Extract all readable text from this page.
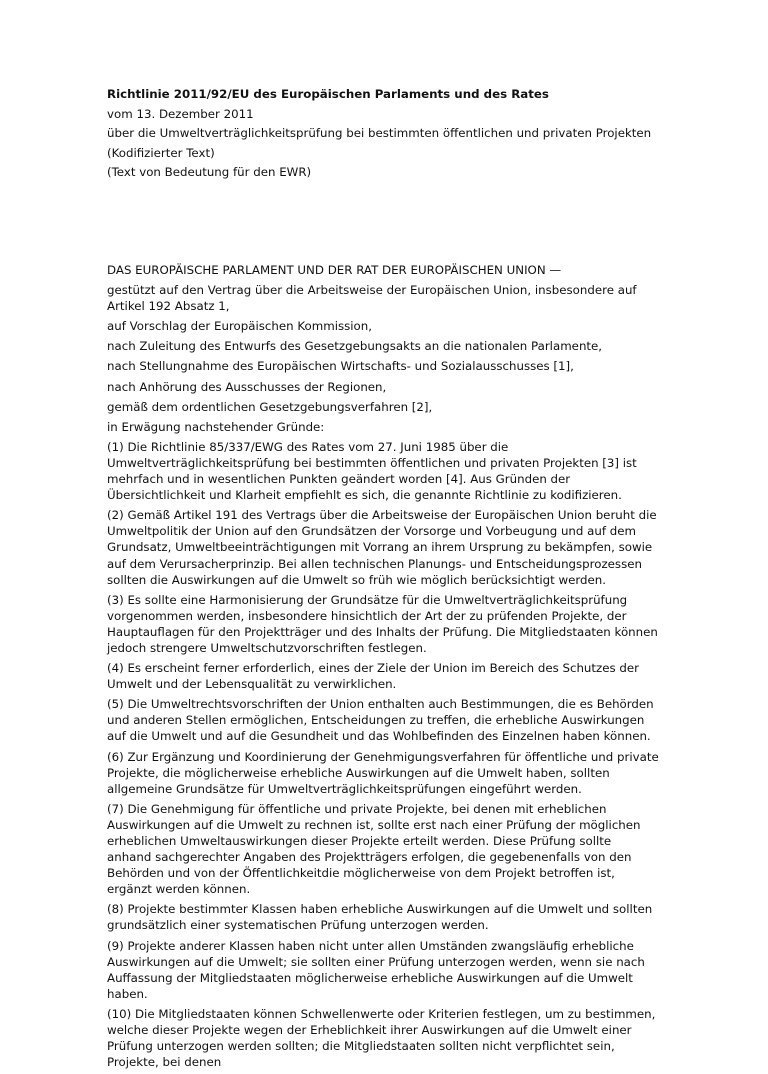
Richtlinie 2011/92/EU des Europäischen Parlaments und des Rates

vom 13. Dezember 2011

über die Umweltverträglichkeitsprüfung bei bestimmten öffentlichen und privaten Projekten

(Kodifizierter Text)

(Text von Bedeutung für den EWR)

DAS EUROPÄISCHE PARLAMENT UND DER RAT DER EUROPÄISCHEN UNION —

gestützt auf den Vertrag über die Arbeitsweise der Europäischen Union, insbesondere auf Artikel 192 Absatz 1,

auf Vorschlag der Europäischen Kommission,

nach Zuleitung des Entwurfs des Gesetzgebungsakts an die nationalen Parlamente,

nach Stellungnahme des Europäischen Wirtschafts- und Sozialausschusses [1],

nach Anhörung des Ausschusses der Regionen,

gemäß dem ordentlichen Gesetzgebungsverfahren [2],

in Erwägung nachstehender Gründe:

(1) Die Richtlinie 85/337/EWG des Rates vom 27. Juni 1985 über die Umweltverträglichkeitsprüfung bei bestimmten öffentlichen und privaten Projekten [3] ist mehrfach und in wesentlichen Punkten geändert worden [4]. Aus Gründen der Übersichtlichkeit und Klarheit empfiehlt es sich, die genannte Richtlinie zu kodifizieren.

(2) Gemäß Artikel 191 des Vertrags über die Arbeitsweise der Europäischen Union beruht die Umweltpolitik der Union auf den Grundsätzen der Vorsorge und Vorbeugung und auf dem Grundsatz, Umweltbeeinträchtigungen mit Vorrang an ihrem Ursprung zu bekämpfen, sowie auf dem Verursacherprinzip. Bei allen technischen Planungs- und Entscheidungsprozessen sollten die Auswirkungen auf die Umwelt so früh wie möglich berücksichtigt werden.

(3) Es sollte eine Harmonisierung der Grundsätze für die Umweltverträglichkeitsprüfung vorgenommen werden, insbesondere hinsichtlich der Art der zu prüfenden Projekte, der Hauptauflagen für den Projektträger und des Inhalts der Prüfung. Die Mitgliedstaaten können jedoch strengere Umweltschutzvorschriften festlegen.

(4) Es erscheint ferner erforderlich, eines der Ziele der Union im Bereich des Schutzes der Umwelt und der Lebensqualität zu verwirklichen.

(5) Die Umweltrechtsvorschriften der Union enthalten auch Bestimmungen, die es Behörden und anderen Stellen ermöglichen, Entscheidungen zu treffen, die erhebliche Auswirkungen auf die Umwelt und auf die Gesundheit und das Wohlbefinden des Einzelnen haben können.

(6) Zur Ergänzung und Koordinierung der Genehmigungsverfahren für öffentliche und private Projekte, die möglicherweise erhebliche Auswirkungen auf die Umwelt haben, sollten allgemeine Grundsätze für Umweltverträglichkeitsprüfungen eingeführt werden.

(7) Die Genehmigung für öffentliche und private Projekte, bei denen mit erheblichen Auswirkungen auf die Umwelt zu rechnen ist, sollte erst nach einer Prüfung der möglichen erheblichen Umweltauswirkungen dieser Projekte erteilt werden. Diese Prüfung sollte anhand sachgerechter Angaben des Projektträgers erfolgen, die gegebenenfalls von den Behörden und von der Öffentlichkeitdie möglicherweise von dem Projekt betroffen ist, ergänzt werden können.

(8) Projekte bestimmter Klassen haben erhebliche Auswirkungen auf die Umwelt und sollten grundsätzlich einer systematischen Prüfung unterzogen werden.

(9) Projekte anderer Klassen haben nicht unter allen Umständen zwangsläufig erhebliche Auswirkungen auf die Umwelt; sie sollten einer Prüfung unterzogen werden, wenn sie nach Auffassung der Mitgliedstaaten möglicherweise erhebliche Auswirkungen auf die Umwelt haben.

(10) Die Mitgliedstaaten können Schwellenwerte oder Kriterien festlegen, um zu bestimmen, welche dieser Projekte wegen der Erheblichkeit ihrer Auswirkungen auf die Umwelt einer Prüfung unterzogen werden sollten; die Mitgliedstaaten sollten nicht verpflichtet sein, Projekte, bei denen
